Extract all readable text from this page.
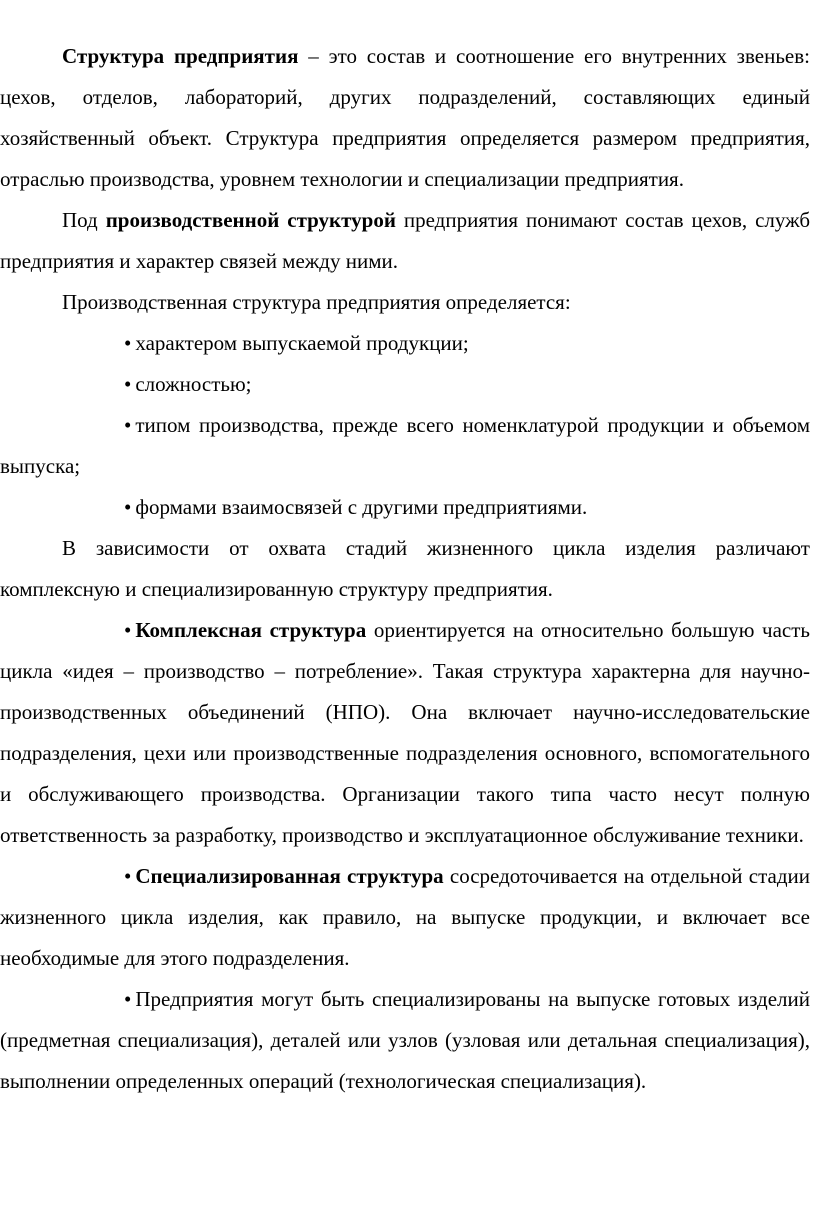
Структура предприятия – это состав и соотношение его внутренних звеньев: цехов, отделов, лабораторий, других подразделений, составляющих единый хозяйственный объект. Структура предприятия определяется размером предприятия, отраслью производства, уровнем технологии и специализации предприятия.

Под производственной структурой предприятия понимают состав цехов, служб предприятия и характер связей между ними.

Производственная структура предприятия определяется:

• характером выпускаемой продукции;

• сложностью;

• типом производства, прежде всего номенклатурой продукции и объемом выпуска;

• формами взаимосвязей с другими предприятиями.

В зависимости от охвата стадий жизненного цикла изделия различают комплексную и специализированную структуру предприятия.

• Комплексная структура ориентируется на относительно большую часть цикла «идея – производство – потребление». Такая структура характерна для научно-производственных объединений (НПО). Она включает научно-исследовательские подразделения, цехи или производственные подразделения основного, вспомогательного и обслуживающего производства. Организации такого типа часто несут полную ответственность за разработку, производство и эксплуатационное обслуживание техники.

• Специализированная структура сосредоточивается на отдельной стадии жизненного цикла изделия, как правило, на выпуске продукции, и включает все необходимые для этого подразделения.

• Предприятия могут быть специализированы на выпуске готовых изделий (предметная специализация), деталей или узлов (узловая или детальная специализация), выполнении определенных операций (технологическая специализация).
